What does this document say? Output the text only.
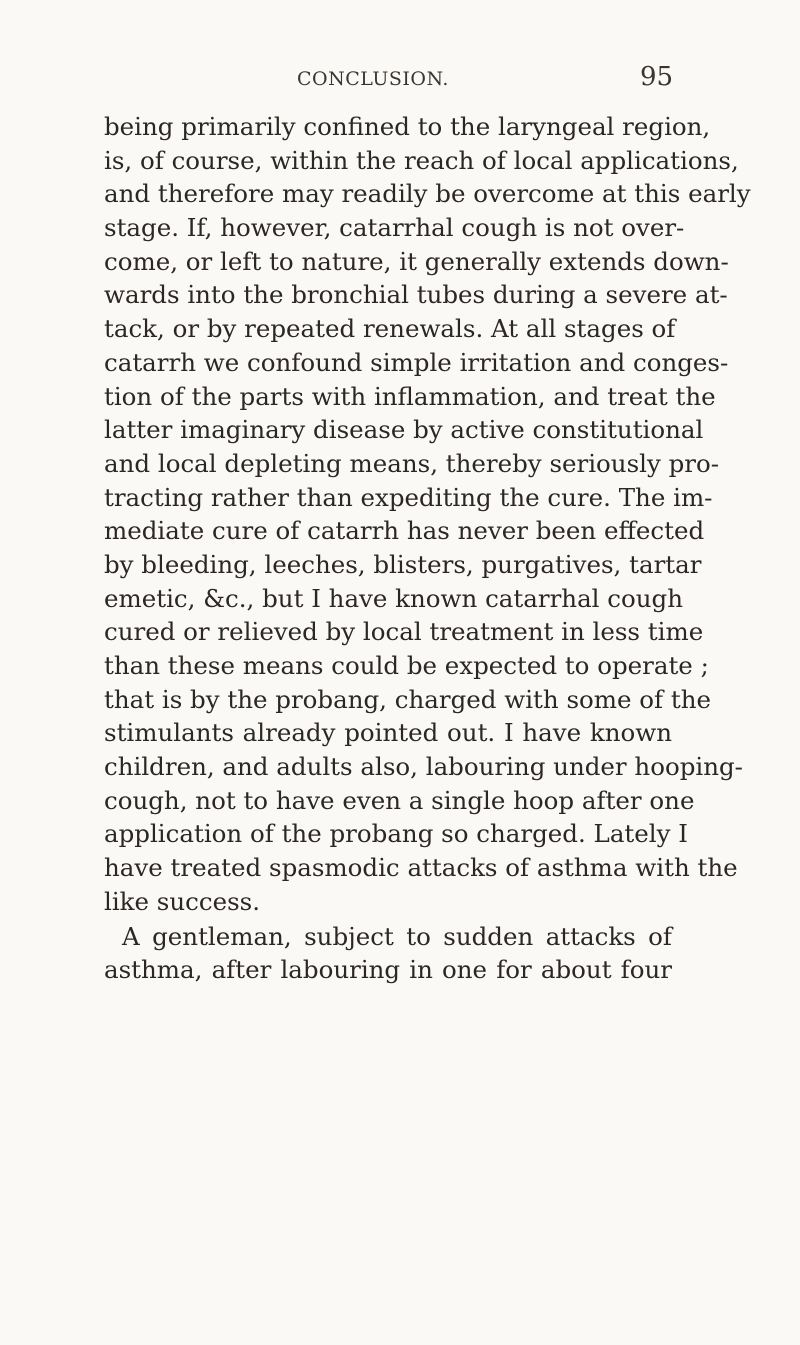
CONCLUSION.	95
being primarily confined to the laryngeal region,
is, of course, within the reach of local applications,
and therefore may readily be overcome at this early
stage. If, however, catarrhal cough is not over-
come, or left to nature, it generally extends down-
wards into the bronchial tubes during a severe at-
tack, or by repeated renewals. At all stages of
catarrh we confound simple irritation and conges-
tion of the parts with inflammation, and treat the
latter imaginary disease by active constitutional
and local depleting means, thereby seriously pro-
tracting rather than expediting the cure. The im-
mediate cure of catarrh has never been effected
by bleeding, leeches, blisters, purgatives, tartar
emetic, &c., but I have known catarrhal cough
cured or relieved by local treatment in less time
than these means could be expected to operate ;
that is by the probang, charged with some of the
stimulants already pointed out. I have known
children, and adults also, labouring under hooping-
cough, not to have even a single hoop after one
application of the probang so charged. Lately I
have treated spasmodic attacks of asthma with the
like success.
A gentleman, subject to sudden attacks of
asthma, after labouring in one for about four
